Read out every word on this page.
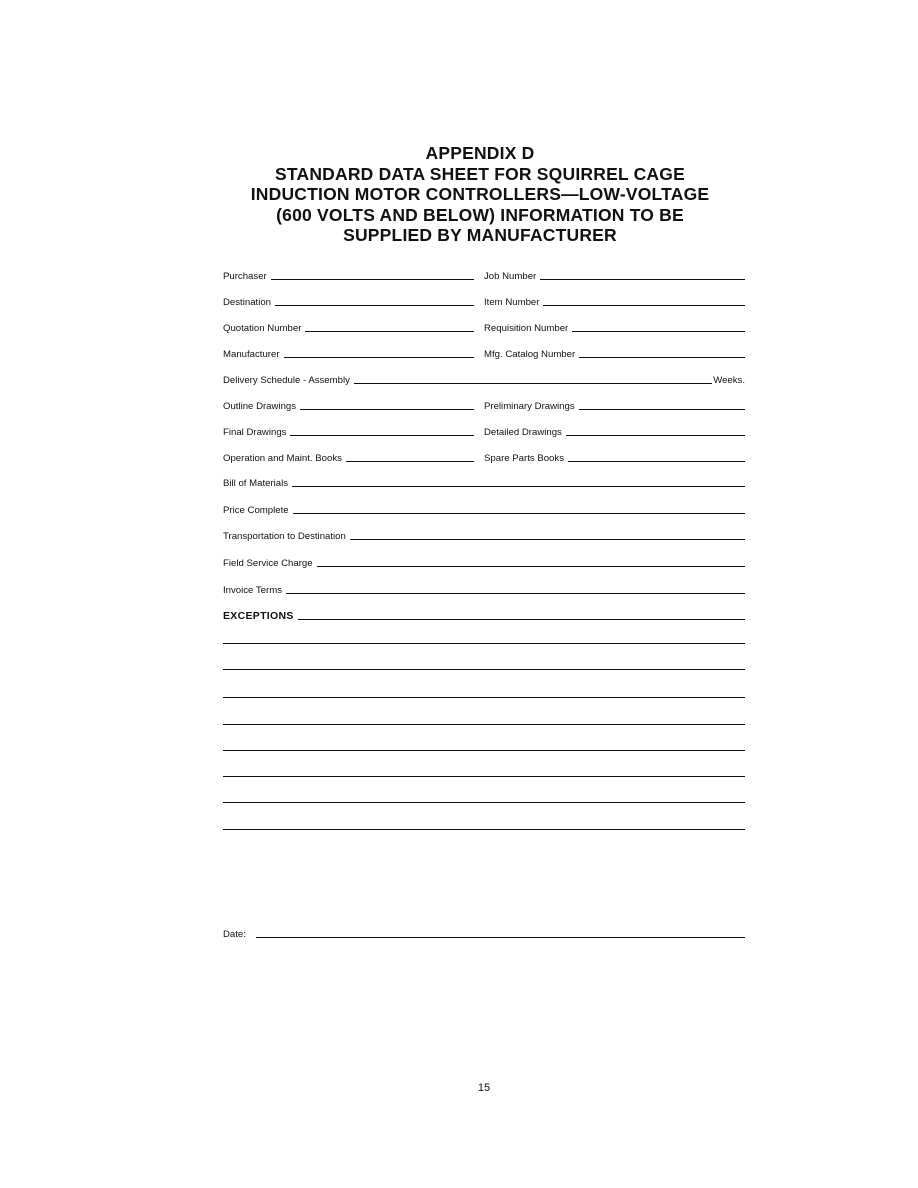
APPENDIX D
STANDARD DATA SHEET FOR SQUIRREL CAGE
INDUCTION MOTOR CONTROLLERS—LOW-VOLTAGE
(600 VOLTS AND BELOW) INFORMATION TO BE
SUPPLIED BY MANUFACTURER
Purchaser	Job Number
Destination	Item Number
Quotation Number	Requisition Number
Manufacturer	Mfg. Catalog Number
Delivery Schedule - Assembly	Weeks.
Outline Drawings	Preliminary Drawings
Final Drawings	Detailed Drawings
Operation and Maint. Books	Spare Parts Books
Bill of Materials
Price Complete
Transportation to Destination
Field Service Charge
Invoice Terms
EXCEPTIONS
Date:
15
